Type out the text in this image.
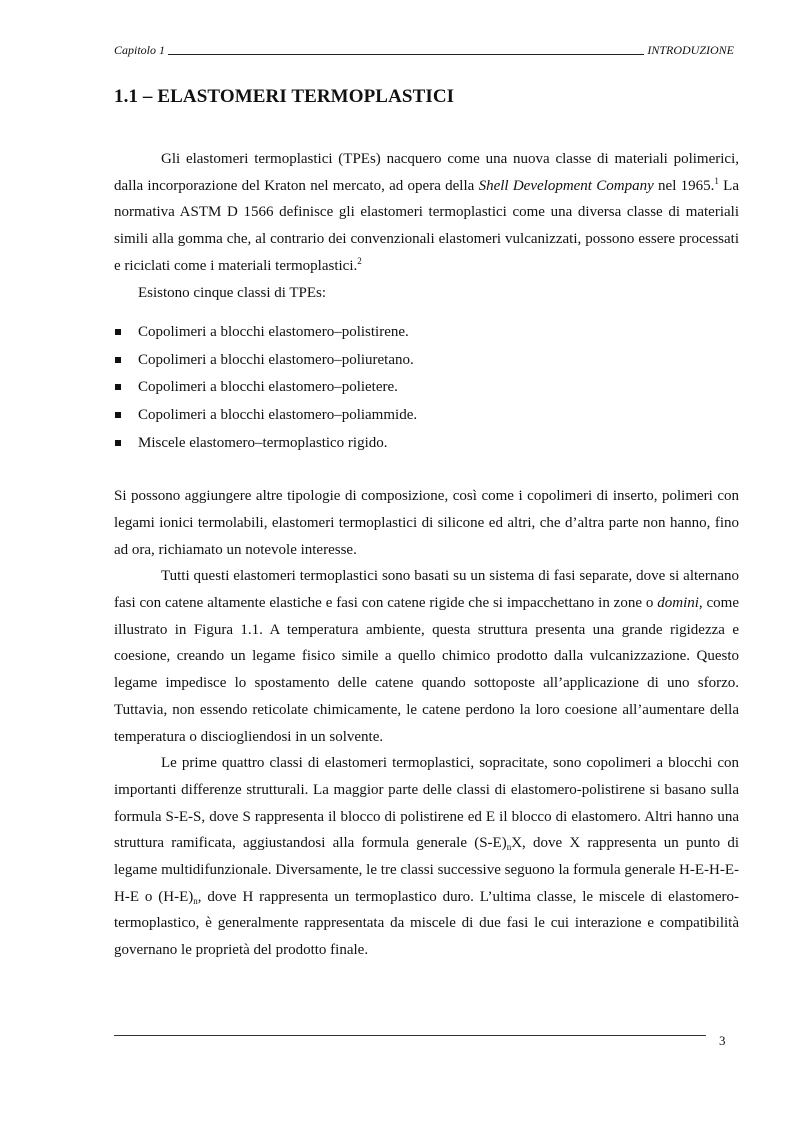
Capitolo 1	INTRODUZIONE
1.1 – ELASTOMERI TERMOPLASTICI

Gli elastomeri termoplastici (TPEs) nacquero come una nuova classe di materiali polimerici, dalla incorporazione del Kraton nel mercato, ad opera della Shell Development Company nel 1965.$^1$ La normativa ASTM D 1566 definisce gli elastomeri termoplastici come una diversa classe di materiali simili alla gomma che, al contrario dei convenzionali elastomeri vulcanizzati, possono essere processati e riciclati come i materiali termoplastici.$^2$

Esistono cinque classi di TPEs:

Copolimeri a blocchi elastomero–polistirene.
Copolimeri a blocchi elastomero–poliuretano.
Copolimeri a blocchi elastomero–polietere.
Copolimeri a blocchi elastomero–poliammide.
Miscele elastomero–termoplastico rigido.

Si possono aggiungere altre tipologie di composizione, così come i copolimeri di inserto, polimeri con legami ionici termolabili, elastomeri termoplastici di silicone ed altri, che d’altra parte non hanno, fino ad ora, richiamato un notevole interesse.

Tutti questi elastomeri termoplastici sono basati su un sistema di fasi separate, dove si alternano fasi con catene altamente elastiche e fasi con catene rigide che si impacchettano in zone o domini, come illustrato in Figura 1.1. A temperatura ambiente, questa struttura presenta una grande rigidezza e coesione, creando un legame fisico simile a quello chimico prodotto dalla vulcanizzazione. Questo legame impedisce lo spostamento delle catene quando sottoposte all’applicazione di uno sforzo. Tuttavia, non essendo reticolate chimicamente, le catene perdono la loro coesione all’aumentare della temperatura o disciogliendosi in un solvente.

Le prime quattro classi di elastomeri termoplastici, sopracitate, sono copolimeri a blocchi con importanti differenze strutturali. La maggior parte delle classi di elastomero-polistirene si basano sulla formula S-E-S, dove S rappresenta il blocco di polistirene ed E il blocco di elastomero. Altri hanno una struttura ramificata, aggiustandosi alla formula generale $(S-E)_nX$, dove X rappresenta un punto di legame multidifunzionale. Diversamente, le tre classi successive seguono la formula generale H-E-H-E-H-E o $(H-E)_n$, dove H rappresenta un termoplastico duro. L’ultima classe, le miscele di elastomero-termoplastico, è generalmente rappresentata da miscele di due fasi le cui interazione e compatibilità governano le proprietà del prodotto finale.

3
